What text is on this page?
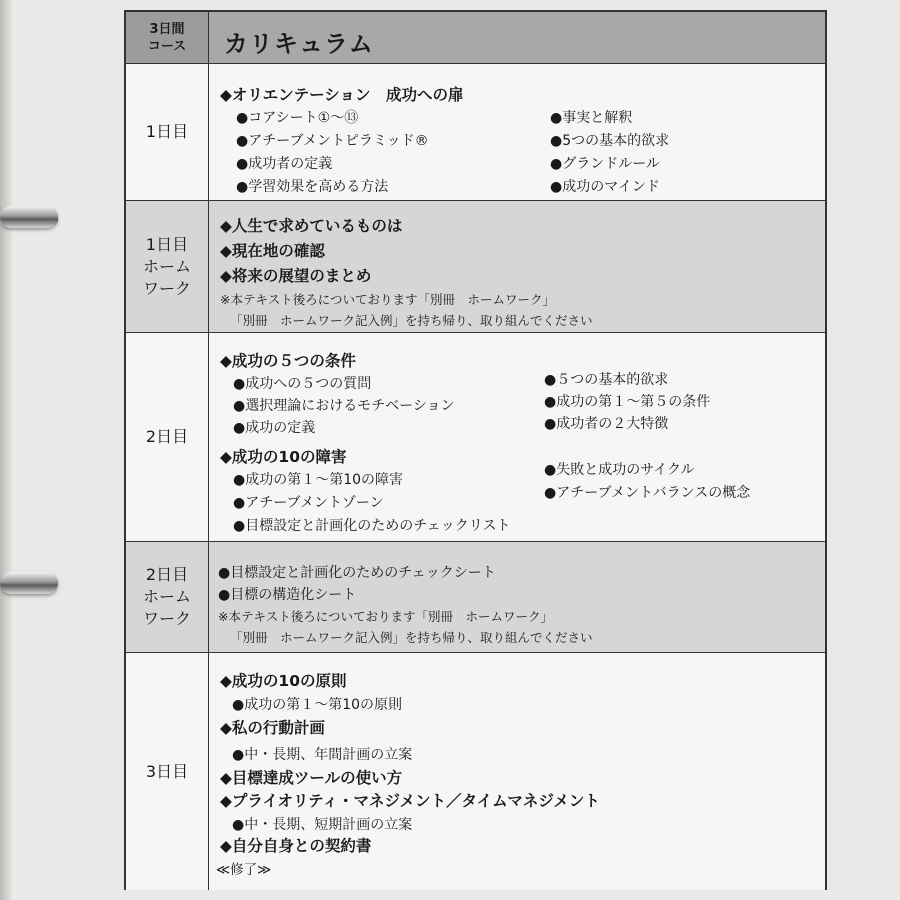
3日間
コース カリキュラム
1日目
◆オリエンテーション　成功への扉
●コアシート①～⑬
●アチーブメントピラミッド®
●成功者の定義
●学習効果を高める方法
●事実と解釈
●5つの基本的欲求
●グランドルール
●成功のマインド
1日目
ホーム
ワーク
◆人生で求めているものは
◆現在地の確認
◆将来の展望のまとめ
※本テキスト後ろについております「別冊　ホームワーク」
「別冊　ホームワーク記入例」を持ち帰り、取り組んでください
2日目
◆成功の５つの条件
●成功への５つの質問
●選択理論におけるモチベーション
●成功の定義
●５つの基本的欲求
●成功の第１～第５の条件
●成功者の２大特徴
◆成功の10の障害
●成功の第１～第10の障害
●アチーブメントゾーン
●目標設定と計画化のためのチェックリスト
●失敗と成功のサイクル
●アチーブメントバランスの概念
2日目
ホーム
ワーク
●目標設定と計画化のためのチェックシート
●目標の構造化シート
※本テキスト後ろについております「別冊　ホームワーク」
「別冊　ホームワーク記入例」を持ち帰り、取り組んでください
3日目
◆成功の10の原則
●成功の第１～第10の原則
◆私の行動計画
●中・長期、年間計画の立案
◆目標達成ツールの使い方
◆プライオリティ・マネジメント／タイムマネジメント
●中・長期、短期計画の立案
◆自分自身との契約書
≪修了≫
